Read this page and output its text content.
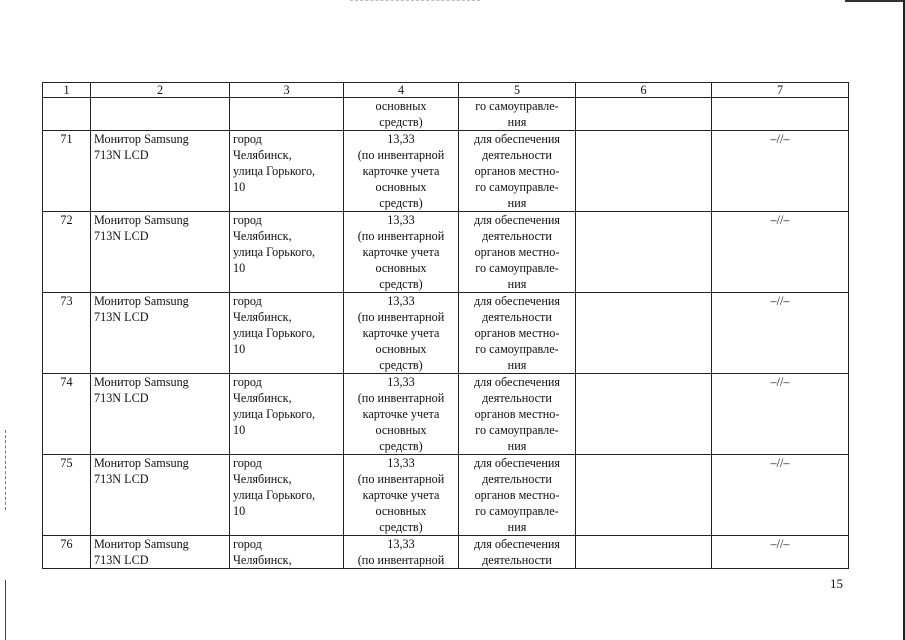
1	2	3	4	5	6	7

			основных
средств)	го самоуправле-
ния		

71	Монитор Samsung
713N LCD	город
Челябинск,
улица Горького,
10	13,33
(по инвентарной
карточке учета
основных
средств)	для обеспечения
деятельности
органов местно-
го самоуправле-
ния		–//–
72	Монитор Samsung
713N LCD	город
Челябинск,
улица Горького,
10	13,33
(по инвентарной
карточке учета
основных
средств)	для обеспечения
деятельности
органов местно-
го самоуправле-
ния		–//–
73	Монитор Samsung
713N LCD	город
Челябинск,
улица Горького,
10	13,33
(по инвентарной
карточке учета
основных
средств)	для обеспечения
деятельности
органов местно-
го самоуправле-
ния		–//–
74	Монитор Samsung
713N LCD	город
Челябинск,
улица Горького,
10	13,33
(по инвентарной
карточке учета
основных
средств)	для обеспечения
деятельности
органов местно-
го самоуправле-
ния		–//–
75	Монитор Samsung
713N LCD	город
Челябинск,
улица Горького,
10	13,33
(по инвентарной
карточке учета
основных
средств)	для обеспечения
деятельности
органов местно-
го самоуправле-
ния		–//–
76	Монитор Samsung
713N LCD	город
Челябинск,	13,33
(по инвентарной	для обеспечения
деятельности		–//–
15
